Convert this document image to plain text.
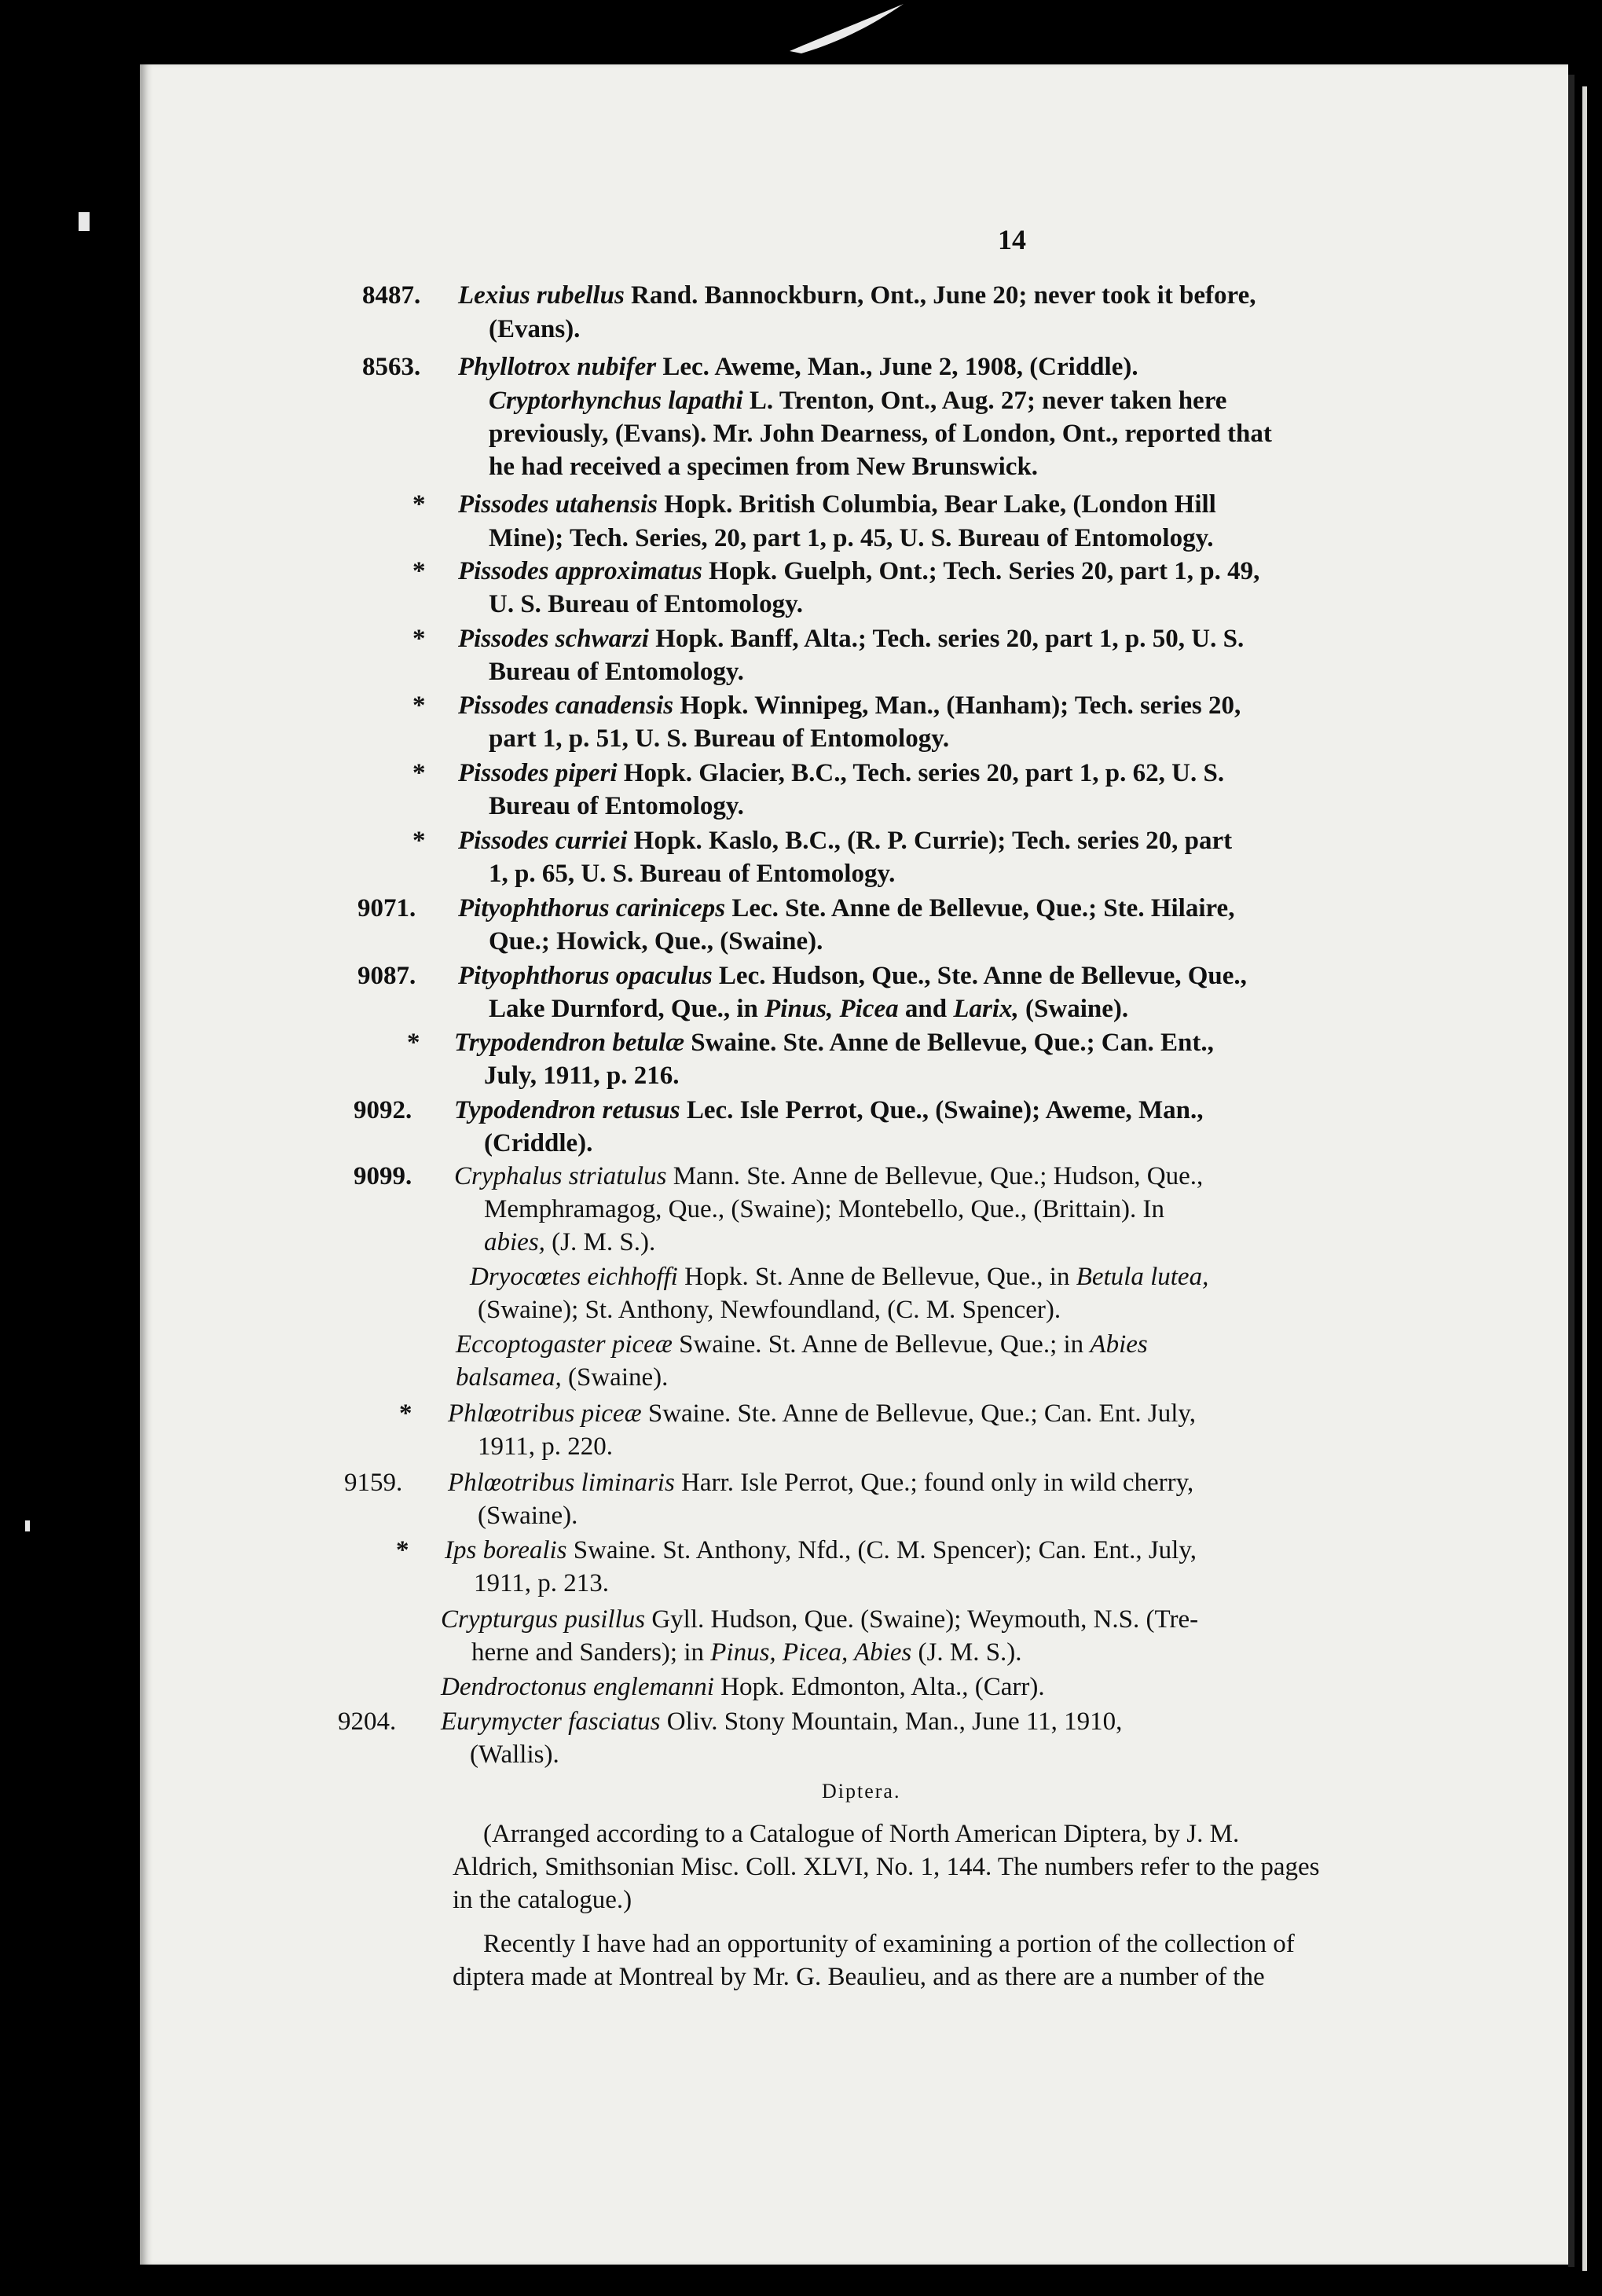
14
8487. Lexius rubellus Rand. Bannockburn, Ont., June 20; never took it before,
(Evans).
8563. Phyllotrox nubifer Lec. Aweme, Man., June 2, 1908, (Criddle).
Cryptorhynchus lapathi L. Trenton, Ont., Aug. 27; never taken here
previously, (Evans). Mr. John Dearness, of London, Ont., reported that
he had received a specimen from New Brunswick.
* Pissodes utahensis Hopk. British Columbia, Bear Lake, (London Hill
Mine); Tech. Series, 20, part 1, p. 45, U. S. Bureau of Entomology.
* Pissodes approximatus Hopk. Guelph, Ont.; Tech. Series 20, part 1, p. 49,
U. S. Bureau of Entomology.
* Pissodes schwarzi Hopk. Banff, Alta.; Tech. series 20, part 1, p. 50, U. S.
Bureau of Entomology.
* Pissodes canadensis Hopk. Winnipeg, Man., (Hanham); Tech. series 20,
part 1, p. 51, U. S. Bureau of Entomology.
* Pissodes piperi Hopk. Glacier, B.C., Tech. series 20, part 1, p. 62, U. S.
Bureau of Entomology.
* Pissodes curriei Hopk. Kaslo, B.C., (R. P. Currie); Tech. series 20, part
1, p. 65, U. S. Bureau of Entomology.
9071. Pityophthorus cariniceps Lec. Ste. Anne de Bellevue, Que.; Ste. Hilaire,
Que.; Howick, Que., (Swaine).
9087. Pityophthorus opaculus Lec. Hudson, Que., Ste. Anne de Bellevue, Que.,
Lake Durnford, Que., in Pinus, Picea and Larix, (Swaine).
* Trypodendron betulæ Swaine. Ste. Anne de Bellevue, Que.; Can. Ent.,
July, 1911, p. 216.
9092. Typodendron retusus Lec. Isle Perrot, Que., (Swaine); Aweme, Man.,
(Criddle).
9099. Cryphalus striatulus Mann. Ste. Anne de Bellevue, Que.; Hudson, Que.,
Memphramagog, Que., (Swaine); Montebello, Que., (Brittain). In
abies, (J. M. S.).
Dryocœtes eichhoffi Hopk. St. Anne de Bellevue, Que., in Betula lutea,
(Swaine); St. Anthony, Newfoundland, (C. M. Spencer).
Eccoptogaster piceæ Swaine. St. Anne de Bellevue, Que.; in Abies
balsamea, (Swaine).
* Phlœotribus piceæ Swaine. Ste. Anne de Bellevue, Que.; Can. Ent. July,
1911, p. 220.
9159. Phlœotribus liminaris Harr. Isle Perrot, Que.; found only in wild cherry,
(Swaine).
* Ips borealis Swaine. St. Anthony, Nfd., (C. M. Spencer); Can. Ent., July,
1911, p. 213.
Crypturgus pusillus Gyll. Hudson, Que. (Swaine); Weymouth, N.S. (Tre-
herne and Sanders); in Pinus, Picea, Abies (J. M. S.).
Dendroctonus englemanni Hopk. Edmonton, Alta., (Carr).
9204. Eurymycter fasciatus Oliv. Stony Mountain, Man., June 11, 1910,
(Wallis).
Diptera.
(Arranged according to a Catalogue of North American Diptera, by J. M.
Aldrich, Smithsonian Misc. Coll. XLVI, No. 1, 144. The numbers refer to the pages
in the catalogue.)
Recently I have had an opportunity of examining a portion of the collection of
diptera made at Montreal by Mr. G. Beaulieu, and as there are a number of the
